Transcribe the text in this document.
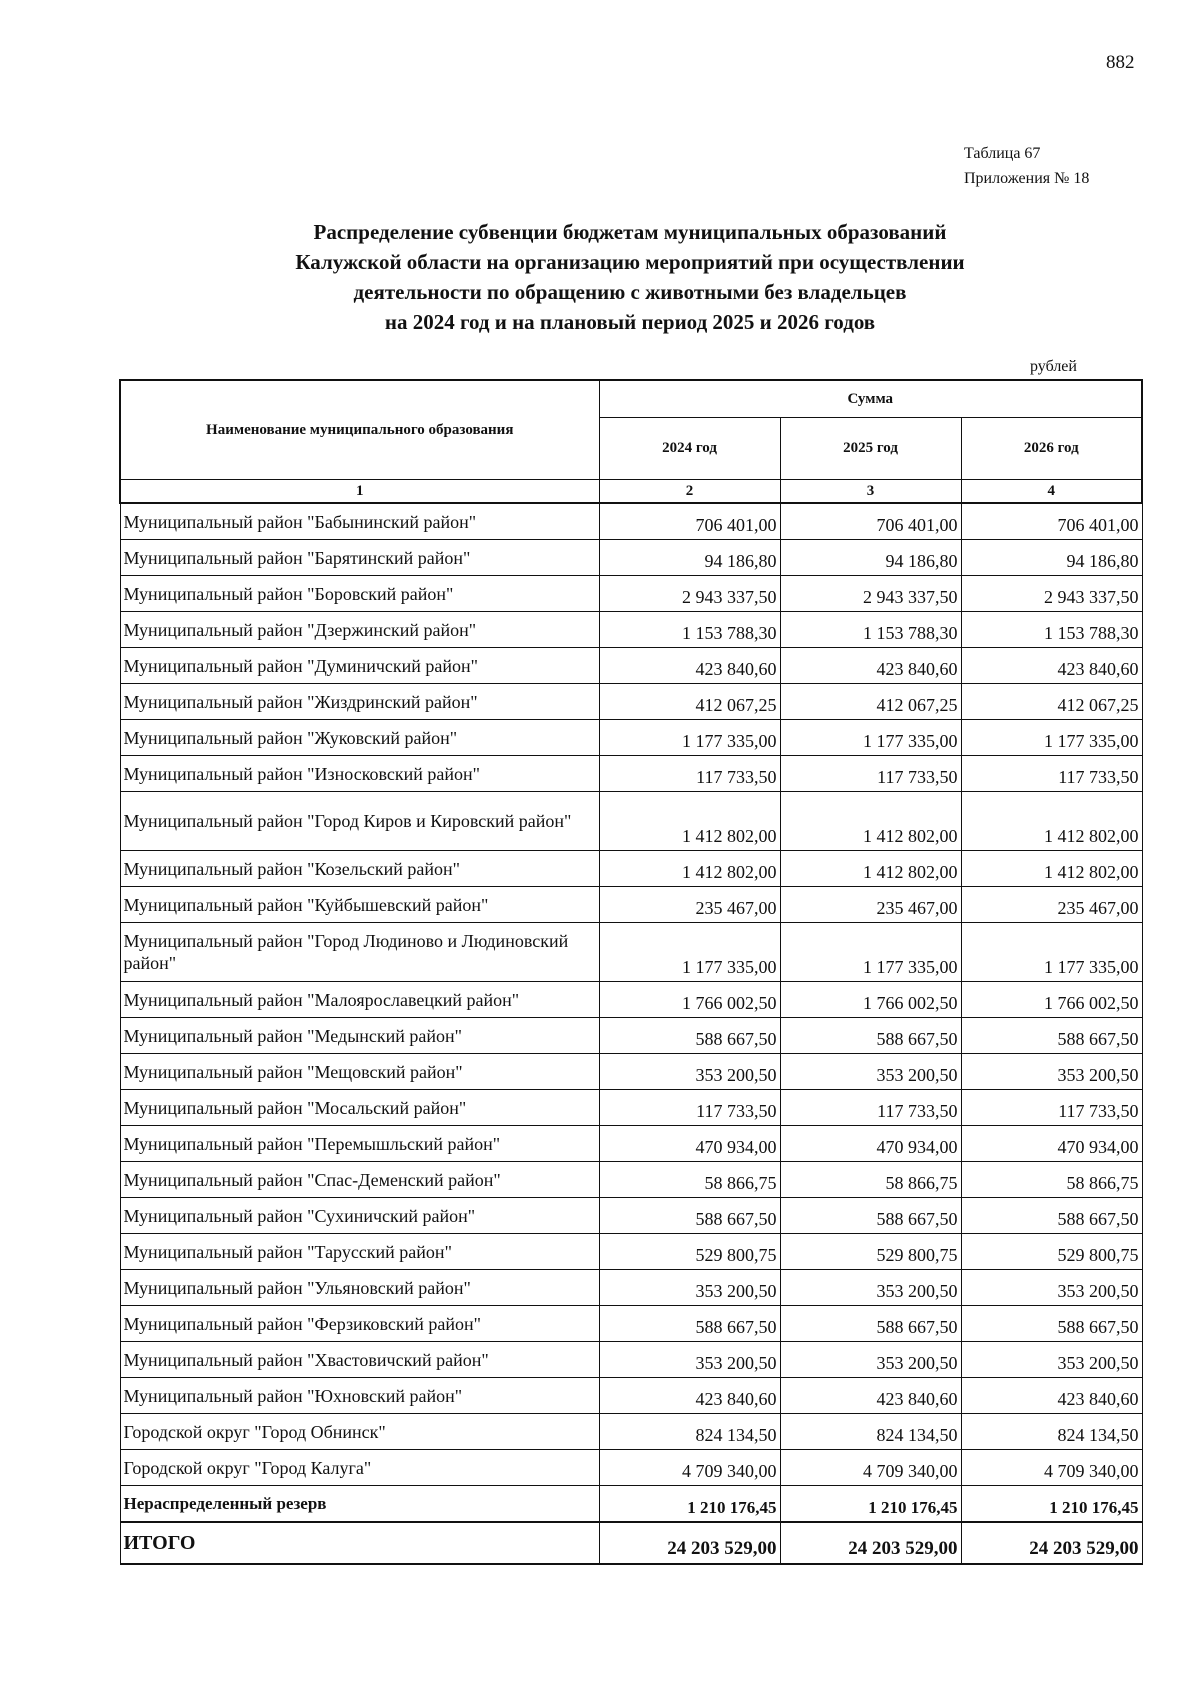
882
Таблица 67
Приложения № 18
Распределение субвенции бюджетам муниципальных образований
Калужской области на организацию мероприятий при осуществлении
деятельности по обращению с животными без владельцев
на 2024 год и на плановый период 2025 и 2026 годов
рублей
Наименование муниципального образования	Сумма		
	2024 год	2025 год	2026 год
1	2	3	4
Муниципальный район "Бабынинский район"	706 401,00	706 401,00	706 401,00
Муниципальный район "Барятинский район"	94 186,80	94 186,80	94 186,80
Муниципальный район "Боровский район"	2 943 337,50	2 943 337,50	2 943 337,50
Муниципальный район "Дзержинский район"	1 153 788,30	1 153 788,30	1 153 788,30
Муниципальный район "Думиничский район"	423 840,60	423 840,60	423 840,60
Муниципальный район "Жиздринский район"	412 067,25	412 067,25	412 067,25
Муниципальный район "Жуковский район"	1 177 335,00	1 177 335,00	1 177 335,00
Муниципальный район "Износковский район"	117 733,50	117 733,50	117 733,50
Муниципальный район "Город Киров и Кировский район"	1 412 802,00	1 412 802,00	1 412 802,00
Муниципальный район "Козельский район"	1 412 802,00	1 412 802,00	1 412 802,00
Муниципальный район "Куйбышевский район"	235 467,00	235 467,00	235 467,00
Муниципальный район "Город Людиново и Людиновский район"	1 177 335,00	1 177 335,00	1 177 335,00
Муниципальный район "Малоярославецкий район"	1 766 002,50	1 766 002,50	1 766 002,50
Муниципальный район "Медынский район"	588 667,50	588 667,50	588 667,50
Муниципальный район "Мещовский район"	353 200,50	353 200,50	353 200,50
Муниципальный район "Мосальский район"	117 733,50	117 733,50	117 733,50
Муниципальный район "Перемышльский район"	470 934,00	470 934,00	470 934,00
Муниципальный район "Спас-Деменский район"	58 866,75	58 866,75	58 866,75
Муниципальный район "Сухиничский район"	588 667,50	588 667,50	588 667,50
Муниципальный район "Тарусский район"	529 800,75	529 800,75	529 800,75
Муниципальный район "Ульяновский район"	353 200,50	353 200,50	353 200,50
Муниципальный район "Ферзиковский район"	588 667,50	588 667,50	588 667,50
Муниципальный район "Хвастовичский район"	353 200,50	353 200,50	353 200,50
Муниципальный район "Юхновский район"	423 840,60	423 840,60	423 840,60
Городской округ "Город Обнинск"	824 134,50	824 134,50	824 134,50
Городской округ "Город Калуга"	4 709 340,00	4 709 340,00	4 709 340,00
Нераспределенный резерв	1 210 176,45	1 210 176,45	1 210 176,45
ИТОГО	24 203 529,00	24 203 529,00	24 203 529,00
